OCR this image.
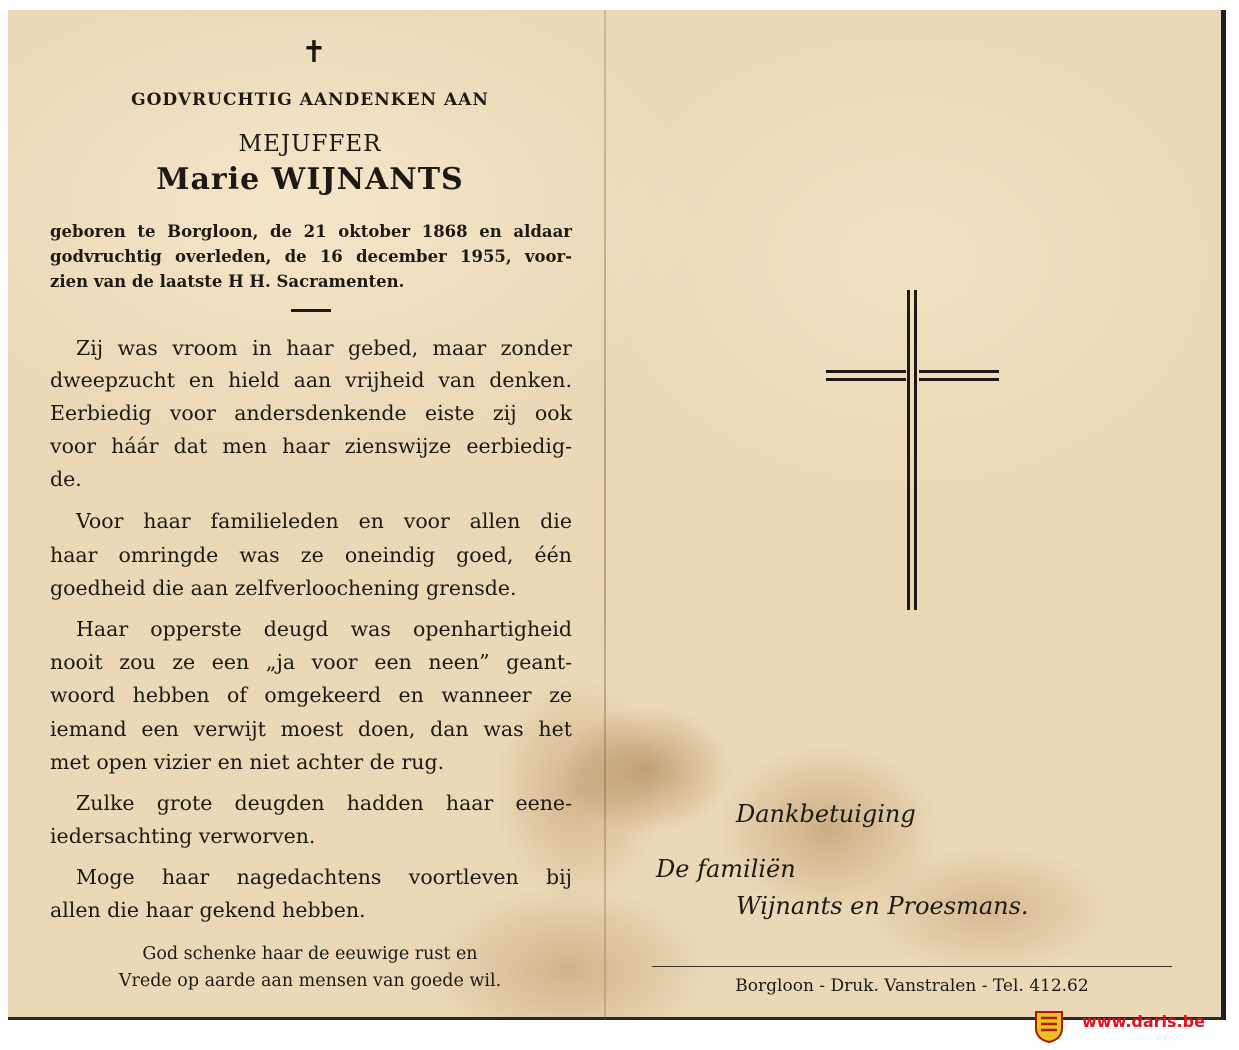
✝
GODVRUCHTIG AANDENKEN AAN
MEJUFFER
Marie WIJNANTS
geboren te Borgloon, de 21 oktober 1868 en aldaar
godvruchtig overleden, de 16 december 1955, voor-
zien van de laatste H H. Sacramenten.
Zij was vroom in haar gebed, maar zonder
dweepzucht en hield aan vrijheid van denken.
Eerbiedig voor andersdenkende eiste zij ook
voor háár dat men haar zienswijze eerbiedig-
de.
Voor haar familieleden en voor allen die
haar omringde was ze oneindig goed, één
goedheid die aan zelfverloochening grensde.
Haar opperste deugd was openhartigheid
nooit zou ze een „ja voor een neen” geant-
woord hebben of omgekeerd en wanneer ze
iemand een verwijt moest doen, dan was het
met open vizier en niet achter de rug.
Zulke grote deugden hadden haar eene-
iedersachting verworven.
Moge haar nagedachtens voortleven bij
allen die haar gekend hebben.
God schenke haar de eeuwige rust en
Vrede op aarde aan mensen van goede wil.
Dankbetuiging
De familiën
Wijnants en Proesmans.
Borgloon - Druk. Vanstralen - Tel. 412.62
www.daris.be
